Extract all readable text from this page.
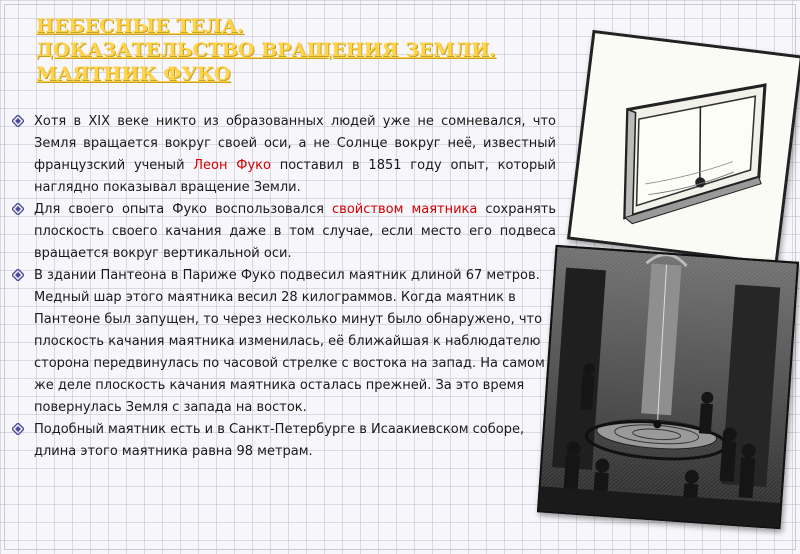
НЕБЕСНЫЕ ТЕЛА.
ДОКАЗАТЕЛЬСТВО ВРАЩЕНИЯ ЗЕМЛИ.
МАЯТНИК ФУКО
Хотя в XIX веке никто из образованных людей уже не сомневался, что Земля вращается вокруг своей оси, а не Солнце вокруг неё, известный французский ученый Леон Фуко поставил в 1851 году опыт, который наглядно показывал вращение Земли.
Для своего опыта Фуко воспользовался свойством маятника сохранять плоскость своего качания даже в том случае, если место его подвеса вращается вокруг вертикальной оси.
В здании Пантеона в Париже Фуко подвесил маятник длиной 67 метров. Медный шар этого маятника весил 28 килограммов. Когда маятник в Пантеоне был запущен, то через несколько минут было обнаружено, что плоскость качания маятника изменилась, её ближайшая к наблюдателю сторона передвинулась по часовой стрелке с востока на запад. На самом же деле плоскость качания маятника осталась прежней. За это время повернулась Земля с запада на восток.
Подобный маятник есть и в Санкт-Петербурге в Исаакиевском соборе, длина этого маятника равна 98 метрам.
